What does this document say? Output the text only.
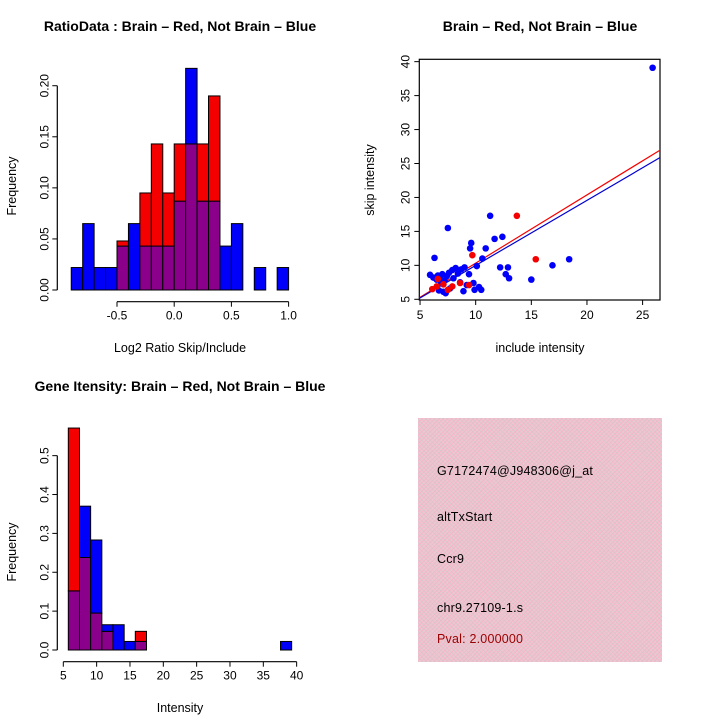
-0.5	0.0	0.5	1.0
0.00
0.05
0.10
0.15
0.20
RatioData : Brain – Red, Not Brain – Blue
Log2 Ratio Skip/Include
Frequency
5	10	15	20	25
5
10
15
20
25
30
35
40
Brain – Red, Not Brain – Blue
include intensity
skip intensity
5 10 15 20 25 30 35 40
0.0
0.1
0.2
0.3
0.4
0.5
Gene Itensity: Brain – Red, Not Brain – Blue
Intensity
Frequency
G7172474@J948306@j_at
altTxStart
Ccr9
chr9.27109-1.s
Pval: 2.000000
